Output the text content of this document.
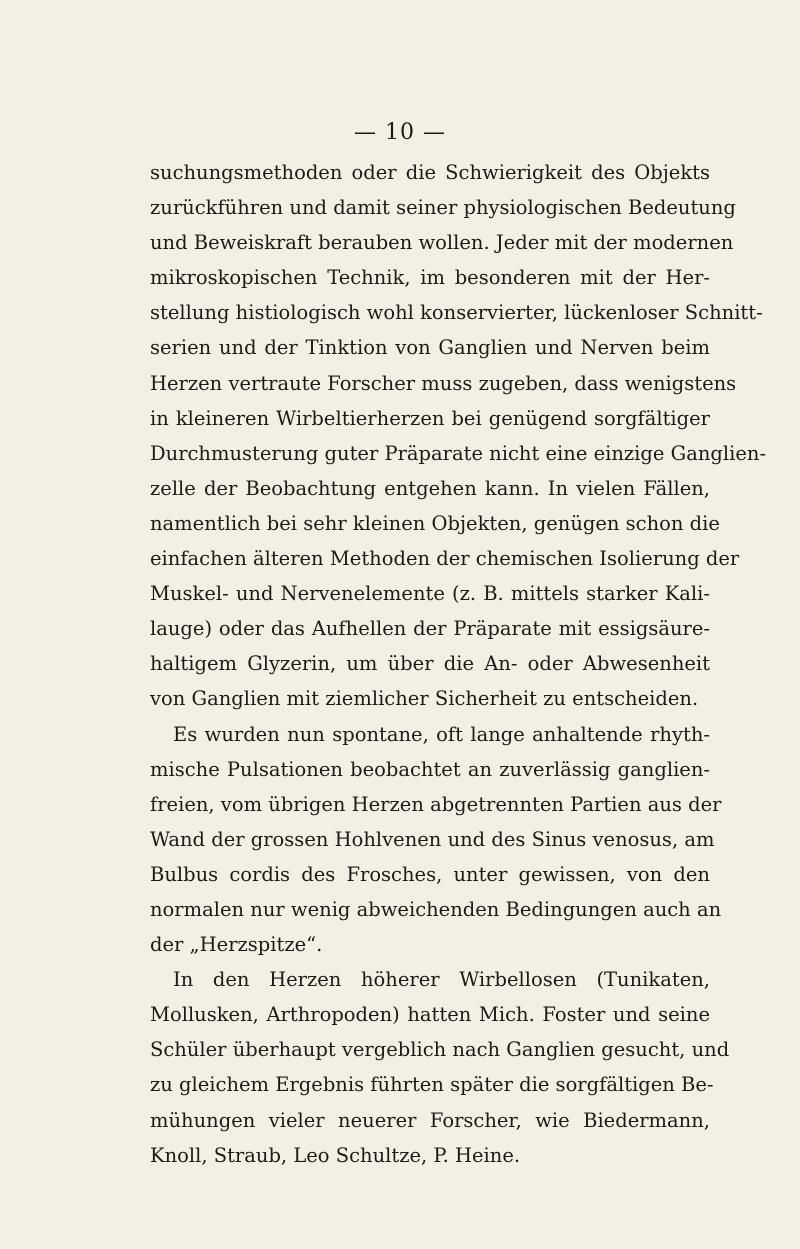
— 10 —
suchungsmethoden oder die Schwierigkeit des Objekts
zurückführen und damit seiner physiologischen Bedeutung
und Beweiskraft berauben wollen. Jeder mit der modernen
mikroskopischen Technik, im besonderen mit der Her-
stellung histiologisch wohl konservierter, lückenloser Schnitt-
serien und der Tinktion von Ganglien und Nerven beim
Herzen vertraute Forscher muss zugeben, dass wenigstens
in kleineren Wirbeltierherzen bei genügend sorgfältiger
Durchmusterung guter Präparate nicht eine einzige Ganglien-
zelle der Beobachtung entgehen kann. In vielen Fällen,
namentlich bei sehr kleinen Objekten, genügen schon die
einfachen älteren Methoden der chemischen Isolierung der
Muskel- und Nervenelemente (z. B. mittels starker Kali-
lauge) oder das Aufhellen der Präparate mit essigsäure-
haltigem Glyzerin, um über die An- oder Abwesenheit
von Ganglien mit ziemlicher Sicherheit zu entscheiden.
Es wurden nun spontane, oft lange anhaltende rhyth-
mische Pulsationen beobachtet an zuverlässig ganglien-
freien, vom übrigen Herzen abgetrennten Partien aus der
Wand der grossen Hohlvenen und des Sinus venosus, am
Bulbus cordis des Frosches, unter gewissen, von den
normalen nur wenig abweichenden Bedingungen auch an
der „Herzspitze“.
In den Herzen höherer Wirbellosen (Tunikaten,
Mollusken, Arthropoden) hatten Mich. Foster und seine
Schüler überhaupt vergeblich nach Ganglien gesucht, und
zu gleichem Ergebnis führten später die sorgfältigen Be-
mühungen vieler neuerer Forscher, wie Biedermann,
Knoll, Straub, Leo Schultze, P. Heine.
